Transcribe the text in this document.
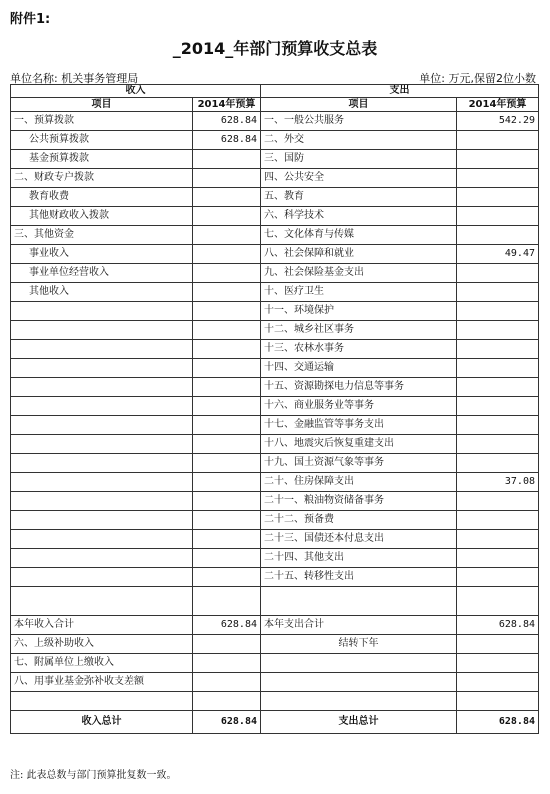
附件1:
_2014_年部门预算收支总表
单位名称: 机关事务管理局	单位: 万元,保留2位小数
收入		支出	
项目	2014年预算	项目	2014年预算
一、预算拨款	628.84	一、一般公共服务	542.29
公共预算拨款	628.84	二、外交	
基金预算拨款		三、国防	
二、财政专户拨款		四、公共安全	
教育收费		五、教育	
其他财政收入拨款		六、科学技术	
三、其他资金		七、文化体育与传媒	
事业收入		八、社会保障和就业	49.47
事业单位经营收入		九、社会保险基金支出	
其他收入		十、医疗卫生	
		十一、环境保护	
		十二、城乡社区事务	
		十三、农林水事务	
		十四、交通运输	
		十五、资源勘探电力信息等事务	
		十六、商业服务业等事务	
		十七、金融监管等事务支出	
		十八、地震灾后恢复重建支出	
		十九、国土资源气象等事务	
		二十、住房保障支出	37.08
		二十一、粮油物资储备事务	
		二十二、预备费	
		二十三、国债还本付息支出	
		二十四、其他支出	
		二十五、转移性支出	

本年收入合计	628.84	本年支出合计	628.84
六、上级补助收入		结转下年	
七、附属单位上缴收入			
八、用事业基金弥补收支差额			

收入总计	628.84	支出总计	628.84
注: 此表总数与部门预算批复数一致。
